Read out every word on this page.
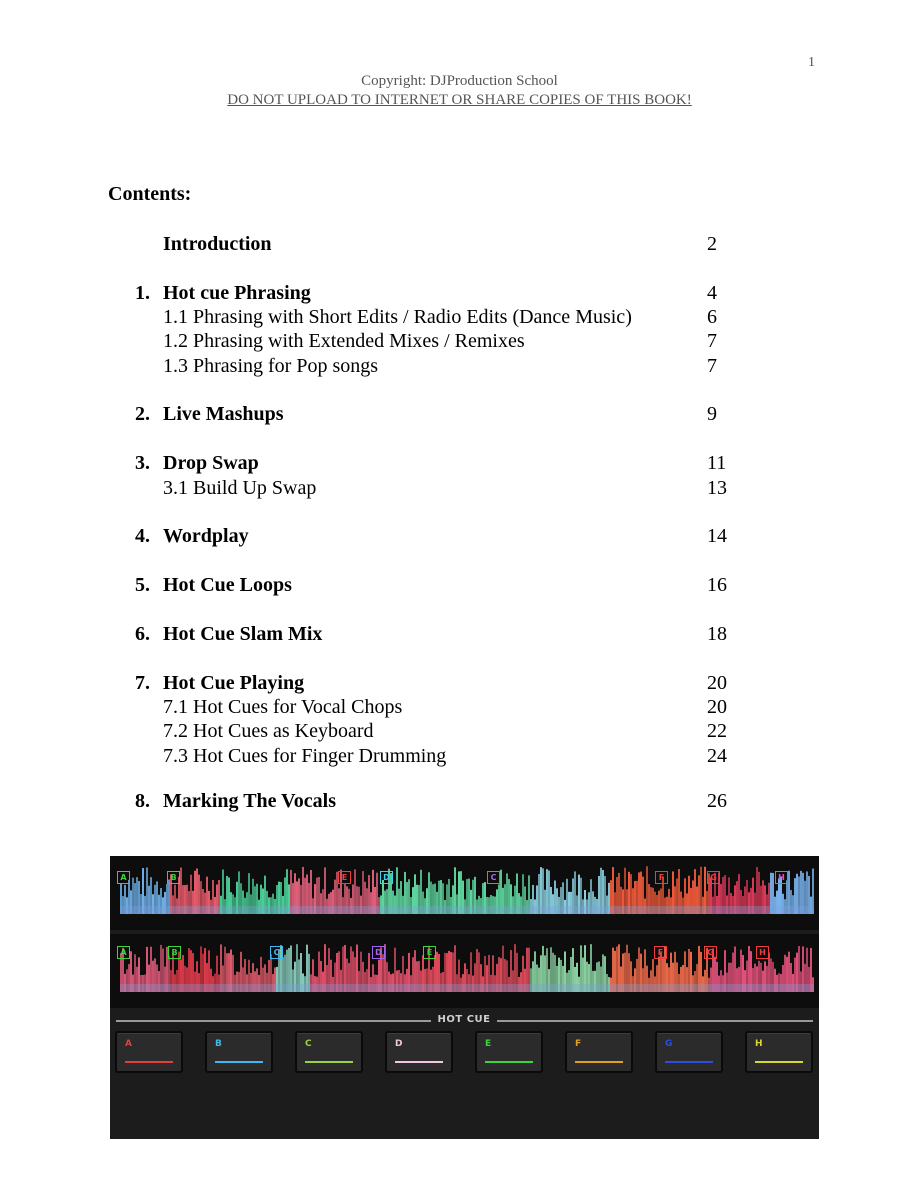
1
Copyright: DJProduction School
DO NOT UPLOAD TO INTERNET OR SHARE COPIES OF THIS BOOK!
Contents:
Introduction	2
1. Hot cue Phrasing	4
1.1 Phrasing with Short Edits / Radio Edits (Dance Music)	6
1.2 Phrasing with Extended Mixes / Remixes	7
1.3 Phrasing for Pop songs	7
2. Live Mashups	9
3. Drop Swap	11
3.1 Build Up Swap	13
4. Wordplay	14
5. Hot Cue Loops	16
6. Hot Cue Slam Mix	18
7. Hot Cue Playing	20
7.1 Hot Cues for Vocal Chops	20
7.2 Hot Cues as Keyboard	22
7.3 Hot Cues for Finger Drumming	24
8. Marking The Vocals	26
A	B	E	D	C	F	G	H
A	B	C	D	E	F	G	H
HOT CUE
A	B	C	D	E	F	G	H
